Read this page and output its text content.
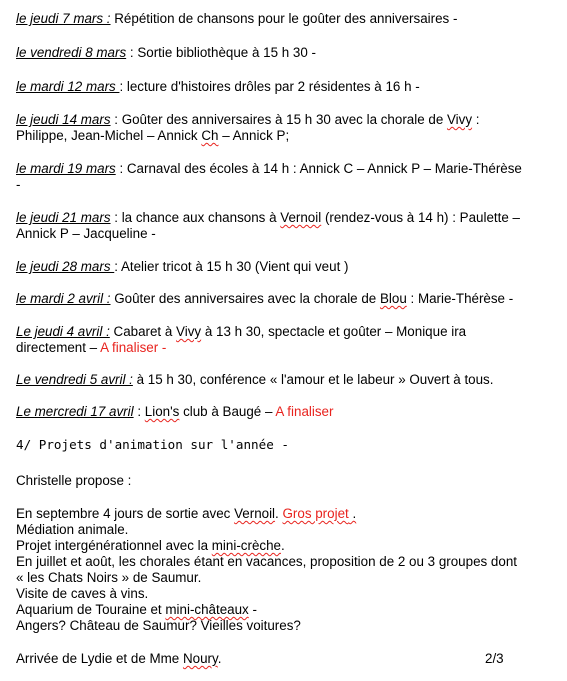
le jeudi 7 mars : Répétition de chansons pour le goûter des anniversaires -
le vendredi 8 mars : Sortie bibliothèque à 15 h 30 -
le mardi 12 mars : lecture d'histoires drôles par 2 résidentes à 16 h -
le jeudi 14 mars : Goûter des anniversaires à 15 h 30 avec la chorale de Vivy :
Philippe, Jean-Michel – Annick Ch – Annick P;
le mardi 19 mars : Carnaval des écoles à 14 h : Annick C – Annick P – Marie-Thérèse
-
le jeudi 21 mars : la chance aux chansons à Vernoil (rendez-vous à 14 h) : Paulette –
Annick P – Jacqueline -
le jeudi 28 mars : Atelier tricot à 15 h 30 (Vient qui veut )
le mardi 2 avril : Goûter des anniversaires avec la chorale de Blou : Marie-Thérèse -
Le jeudi 4 avril : Cabaret à Vivy à 13 h 30, spectacle et goûter – Monique ira
directement – A finaliser -
Le vendredi 5 avril : à 15 h 30, conférence « l'amour et le labeur » Ouvert à tous.
Le mercredi 17 avril : Lion's club à Baugé – A finaliser
4/ Projets d'animation sur l'année -
Christelle propose :
En septembre 4 jours de sortie avec Vernoil. Gros projet .
Médiation animale.
Projet intergénérationnel avec la mini-crèche.
En juillet et août, les chorales étant en vacances, proposition de 2 ou 3 groupes dont
« les Chats Noirs » de Saumur.
Visite de caves à vins.
Aquarium de Touraine et mini-châteaux -
Angers? Château de Saumur? Vieilles voitures?
Arrivée de Lydie et de Mme Noury.	2/3
